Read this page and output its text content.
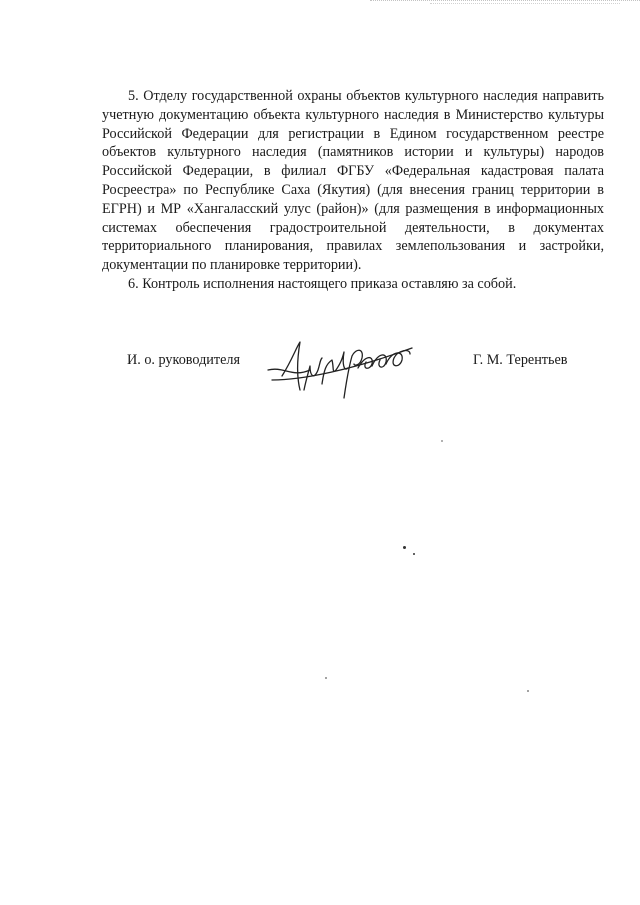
5. Отделу государственной охраны объектов культурного наследия направить учетную документацию объекта культурного наследия в Министерство культуры Российской Федерации для регистрации в Едином государственном реестре объектов культурного наследия (памятников истории и культуры) народов Российской Федерации, в филиал ФГБУ «Федеральная кадастровая палата Росреестра» по Республике Саха (Якутия) (для внесения границ территории в ЕГРН) и МР «Хангаласский улус (район)» (для размещения в информационных системах обеспечения градостроительной деятельности, в документах территориального планирования, правилах землепользования и застройки, документации по планировке территории).

6. Контроль исполнения настоящего приказа оставляю за собой.

И. о. руководителя	Г. М. Терентьев
